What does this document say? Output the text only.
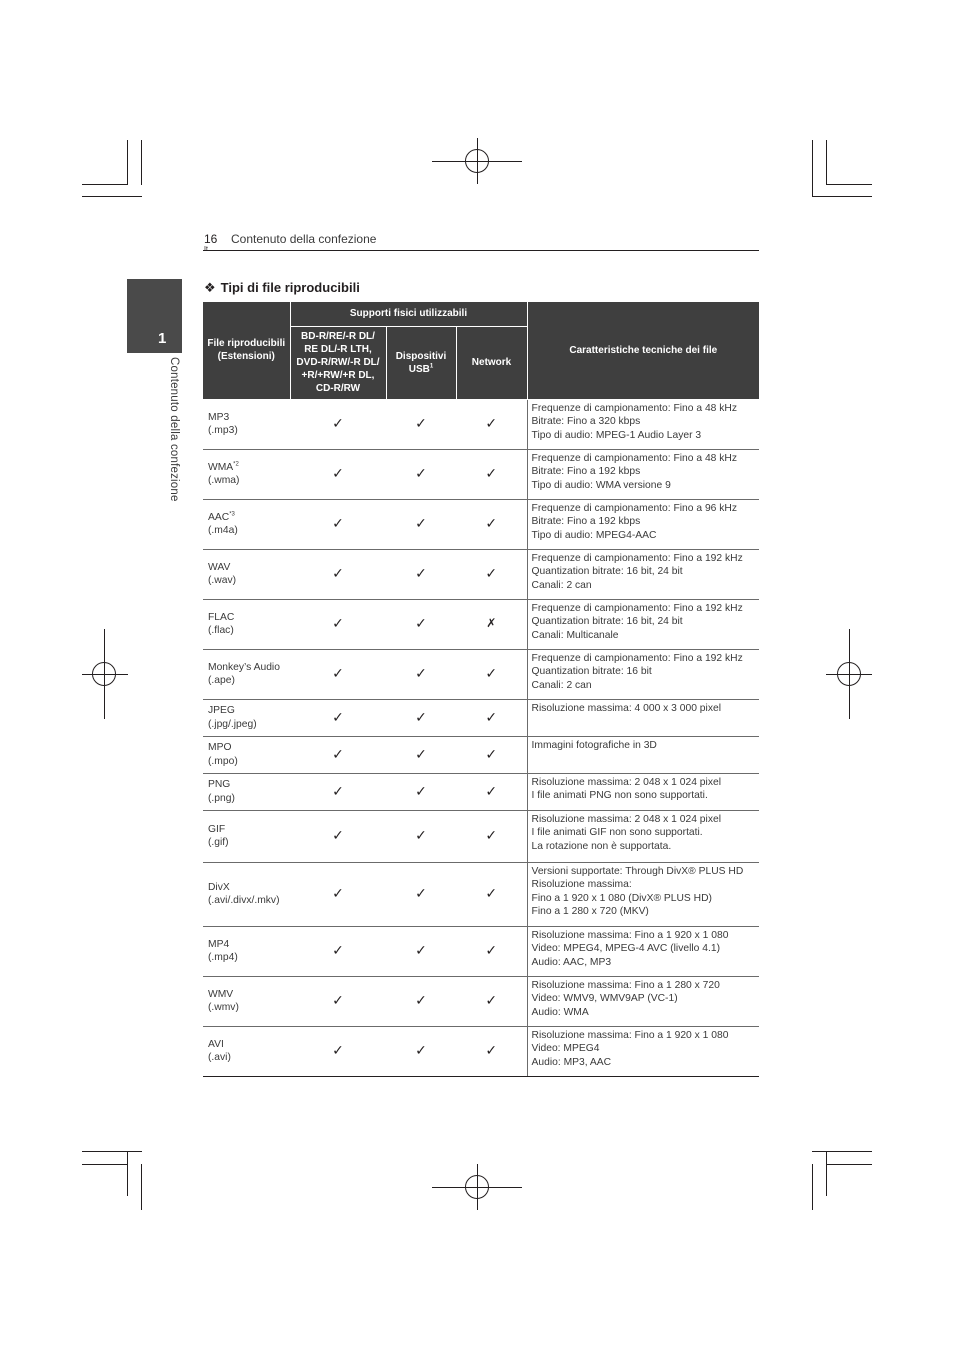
16 Contenuto della confezione
1
Contenuto della confezione
❖ Tipi di file riproducibili
File riproducibili (Estensioni)	Supporti fisici utilizzabili			Caratteristiche tecniche dei file

	BD-R/RE/-R DL/
RE DL/-R LTH,
DVD-R/RW/-R DL/
+R/+RW/+R DL,
CD-R/RW	Dispositivi USB$^1$	Network	
MP3
(.mp3)	✓	✓	✓	Frequenze di campionamento: Fino a 48 kHz
Bitrate: Fino a 320 kbps
Tipo di audio: MPEG-1 Audio Layer 3

WMA$^{*2}$
(.wma)	✓	✓	✓	Frequenze di campionamento: Fino a 48 kHz
Bitrate: Fino a 192 kbps
Tipo di audio: WMA versione 9

AAC$^{*3}$
(.m4a)	✓	✓	✓	Frequenze di campionamento: Fino a 96 kHz
Bitrate: Fino a 192 kbps
Tipo di audio: MPEG4-AAC

WAV
(.wav)	✓	✓	✓	Frequenze di campionamento: Fino a 192 kHz
Quantization bitrate: 16 bit, 24 bit
Canali: 2 can

FLAC
(.flac)	✓	✓	✗	Frequenze di campionamento: Fino a 192 kHz
Quantization bitrate: 16 bit, 24 bit
Canali: Multicanale

Monkey’s Audio
(.ape)	✓	✓	✓	Frequenze di campionamento: Fino a 192 kHz
Quantization bitrate: 16 bit
Canali: 2 can

JPEG
(.jpg/.jpeg)	✓	✓	✓	Risoluzione massima: 4 000 x 3 000 pixel

MPO
(.mpo)	✓	✓	✓	Immagini fotografiche in 3D

PNG
(.png)	✓	✓	✓	Risoluzione massima: 2 048 x 1 024 pixel
I file animati PNG non sono supportati.

GIF
(.gif)	✓	✓	✓	Risoluzione massima: 2 048 x 1 024 pixel
I file animati GIF non sono supportati.
La rotazione non è supportata.

DivX
(.avi/.divx/.mkv)	✓	✓	✓	Versioni supportate: Through DivX® PLUS HD
Risoluzione massima:
Fino a 1 920 x 1 080 (DivX® PLUS HD)
Fino a 1 280 x 720 (MKV)

MP4
(.mp4)	✓	✓	✓	Risoluzione massima: Fino a 1 920 x 1 080
Video: MPEG4, MPEG-4 AVC (livello 4.1)
Audio: AAC, MP3

WMV
(.wmv)	✓	✓	✓	Risoluzione massima: Fino a 1 280 x 720
Video: WMV9, WMV9AP (VC-1)
Audio: WMA

AVI
(.avi)	✓	✓	✓	Risoluzione massima: Fino a 1 920 x 1 080
Video: MPEG4
Audio: MP3, AAC
